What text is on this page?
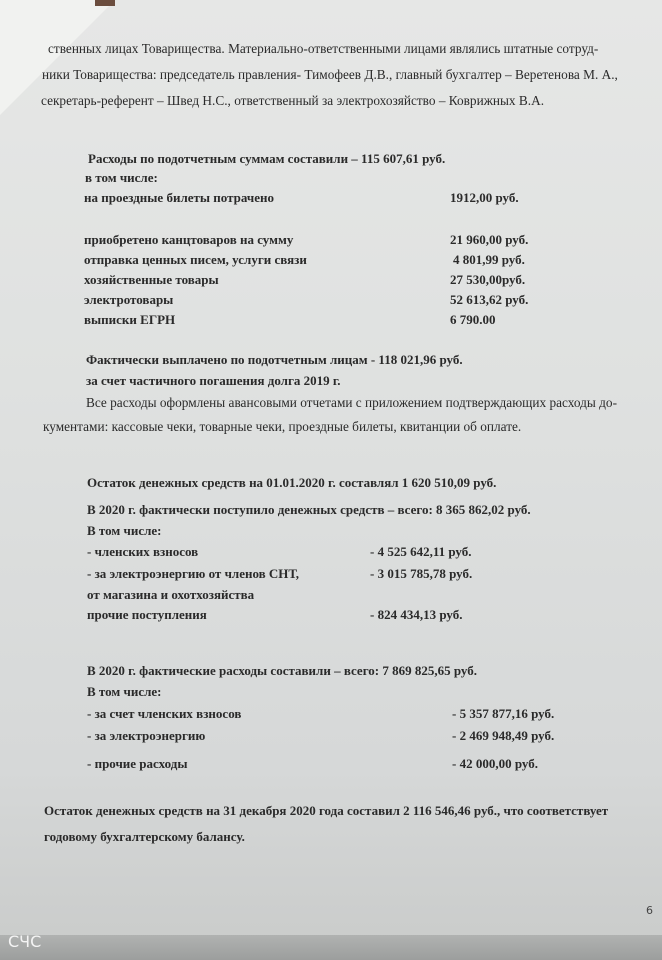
ственных лицах Товарищества. Материально-ответственными лицами являлись штатные сотруд-
ники Товарищества: председатель правления- Тимофеев Д.В., главный бухгалтер – Веретенова М. А.,
секретарь-референт – Швед Н.С., ответственный за электрохозяйство – Коврижных В.А.
Расходы по подотчетным суммам составили – 115 607,61 руб.
в том числе:
на проездные билеты потрачено	1912,00 руб.
приобретено канцтоваров на сумму	21 960,00 руб.
отправка ценных писем, услуги связи	4 801,99 руб.
хозяйственные товары	27 530,00руб.
электротовары	52 613,62 руб.
выписки ЕГРН	6 790.00
Фактически выплачено по подотчетным лицам - 118 021,96 руб.
за счет частичного погашения долга 2019 г.
Все расходы оформлены авансовыми отчетами с приложением подтверждающих расходы до-
кументами: кассовые чеки, товарные чеки, проездные билеты, квитанции об оплате.
Остаток денежных средств на 01.01.2020 г. составлял 1 620 510,09 руб.
В 2020 г. фактически поступило денежных средств – всего: 8 365 862,02 руб.
В том числе:
- членских взносов	- 4 525 642,11 руб.
- за электроэнергию от членов СНТ,	- 3 015 785,78 руб.
от магазина и охотхозяйства
прочие поступления	- 824 434,13 руб.
В 2020 г. фактические расходы составили – всего: 7 869 825,65 руб.
В том числе:
- за счет членских взносов	- 5 357 877,16 руб.
- за электроэнергию	- 2 469 948,49 руб.
- прочие расходы	- 42 000,00 руб.
Остаток денежных средств на 31 декабря 2020 года составил 2 116 546,46 руб., что соответствует
годовому бухгалтерскому балансу.
6
СЧС
